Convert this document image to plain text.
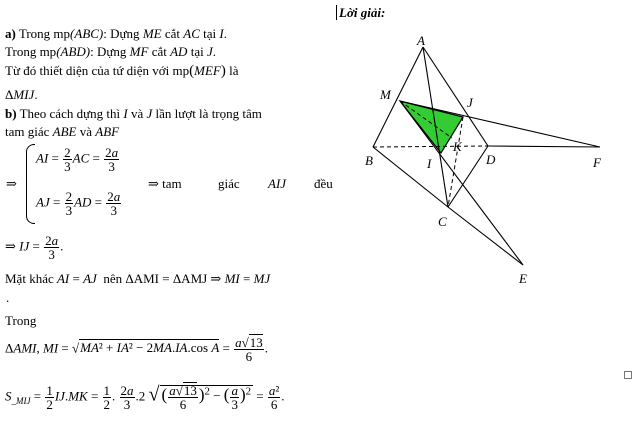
Lời giải:
a) Trong mp(ABC): Dựng ME cắt AC tại I.
Trong mp(ABD): Dựng MF cắt AD tại J.
Từ đó thiết diện của tứ diện với mp(MEF) là
ΔMIJ.
b) Theo cách dựng thì I và J lần lượt là trọng tâm
tam giác ABE và ABF
⇒
AI = $\frac{2}{3}$ AC = $\frac{2a}{3}$
AJ = $\frac{2}{3}$ AD = $\frac{2a}{3}$
⇒ tam	giác AIJ đều
⇒ IJ = $\frac{2a}{3}$ .
Mặt khác AI = AJ  nên ΔAMI = ΔAMJ ⇒ MI = MJ
.
Trong
ΔAMI, MI = √MA² + IA² − 2MA.IA.cos $A = \frac{a√13}{6}$ .
$S_{\_MIJ} = \frac{1}{2} IJ.MK = \frac{1}{2}$ . $\frac{2a}{3} .2$ √ ( $\frac{a√13}{6} )^2$ − ( $\frac{a}{3} )^2 = \frac{\text{a²}}{6}$ .
A
M
J
K
B	I	D	F
C
E
